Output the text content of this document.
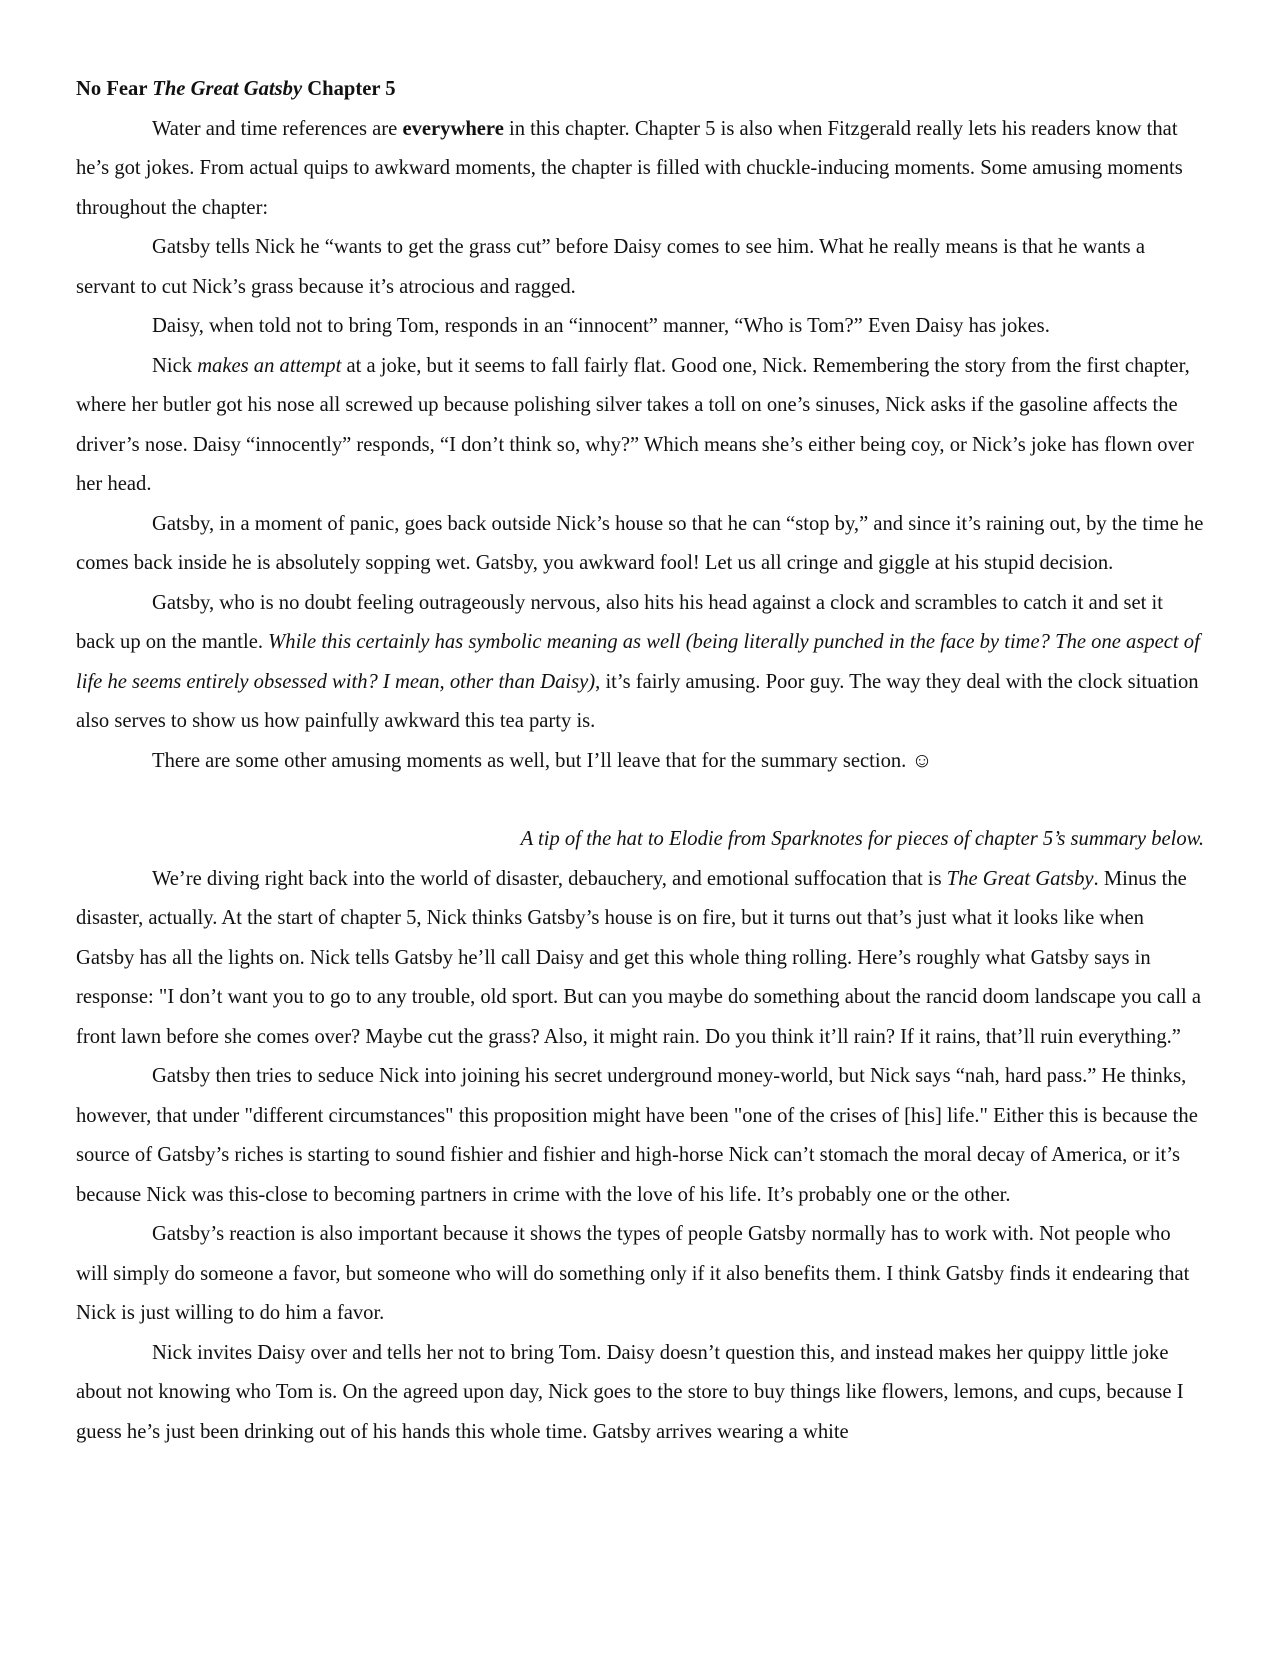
No Fear The Great Gatsby Chapter 5

Water and time references are everywhere in this chapter. Chapter 5 is also when Fitzgerald really lets his readers know that he’s got jokes. From actual quips to awkward moments, the chapter is filled with chuckle-inducing moments. Some amusing moments throughout the chapter:

Gatsby tells Nick he “wants to get the grass cut” before Daisy comes to see him. What he really means is that he wants a servant to cut Nick’s grass because it’s atrocious and ragged.

Daisy, when told not to bring Tom, responds in an “innocent” manner, “Who is Tom?” Even Daisy has jokes.

Nick makes an attempt at a joke, but it seems to fall fairly flat. Good one, Nick. Remembering the story from the first chapter, where her butler got his nose all screwed up because polishing silver takes a toll on one’s sinuses, Nick asks if the gasoline affects the driver’s nose. Daisy “innocently” responds, “I don’t think so, why?” Which means she’s either being coy, or Nick’s joke has flown over her head.

Gatsby, in a moment of panic, goes back outside Nick’s house so that he can “stop by,” and since it’s raining out, by the time he comes back inside he is absolutely sopping wet. Gatsby, you awkward fool! Let us all cringe and giggle at his stupid decision.

Gatsby, who is no doubt feeling outrageously nervous, also hits his head against a clock and scrambles to catch it and set it back up on the mantle. While this certainly has symbolic meaning as well (being literally punched in the face by time? The one aspect of life he seems entirely obsessed with? I mean, other than Daisy), it’s fairly amusing. Poor guy. The way they deal with the clock situation also serves to show us how painfully awkward this tea party is.

There are some other amusing moments as well, but I’ll leave that for the summary section. ☺

A tip of the hat to Elodie from Sparknotes for pieces of chapter 5’s summary below.

We’re diving right back into the world of disaster, debauchery, and emotional suffocation that is The Great Gatsby. Minus the disaster, actually. At the start of chapter 5, Nick thinks Gatsby’s house is on fire, but it turns out that’s just what it looks like when Gatsby has all the lights on. Nick tells Gatsby he’ll call Daisy and get this whole thing rolling. Here’s roughly what Gatsby says in response: "I don’t want you to go to any trouble, old sport. But can you maybe do something about the rancid doom landscape you call a front lawn before she comes over? Maybe cut the grass? Also, it might rain. Do you think it’ll rain? If it rains, that’ll ruin everything.”

Gatsby then tries to seduce Nick into joining his secret underground money-world, but Nick says “nah, hard pass.” He thinks, however, that under "different circumstances" this proposition might have been "one of the crises of [his] life." Either this is because the source of Gatsby’s riches is starting to sound fishier and fishier and high-horse Nick can’t stomach the moral decay of America, or it’s because Nick was this-close to becoming partners in crime with the love of his life. It’s probably one or the other.

Gatsby’s reaction is also important because it shows the types of people Gatsby normally has to work with. Not people who will simply do someone a favor, but someone who will do something only if it also benefits them. I think Gatsby finds it endearing that Nick is just willing to do him a favor.

Nick invites Daisy over and tells her not to bring Tom. Daisy doesn’t question this, and instead makes her quippy little joke about not knowing who Tom is. On the agreed upon day, Nick goes to the store to buy things like flowers, lemons, and cups, because I guess he’s just been drinking out of his hands this whole time. Gatsby arrives wearing a white
